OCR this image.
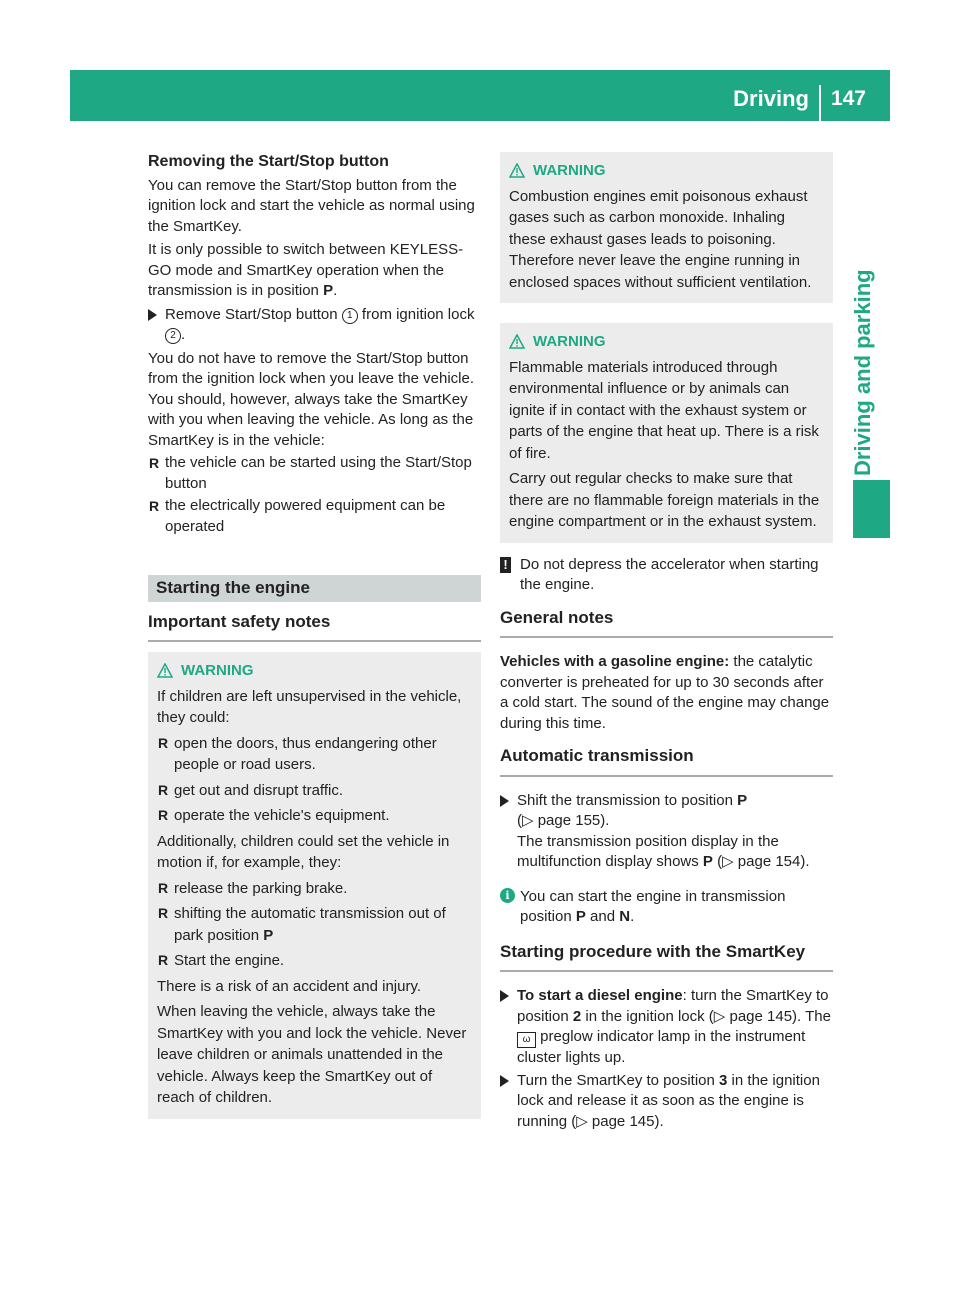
Driving	147
Driving and parking

Removing the Start/Stop button

You can remove the Start/Stop button from the ignition lock and start the vehicle as normal using the SmartKey.

It is only possible to switch between KEYLESS-GO mode and SmartKey operation when the transmission is in position P.

Remove Start/Stop button 1 from ignition lock 2 .

You do not have to remove the Start/Stop button from the ignition lock when you leave the vehicle. You should, however, always take the SmartKey with you when leaving the vehicle. As long as the SmartKey is in the vehicle:

R the vehicle can be started using the Start/Stop button
R the electrically powered equipment can be operated
Starting the engine
Important safety notes
WARNING

If children are left unsupervised in the vehicle, they could:

R open the doors, thus endangering other people or road users.
R get out and disrupt traffic.
R operate the vehicle's equipment.

Additionally, children could set the vehicle in motion if, for example, they:

R release the parking brake.
R shifting the automatic transmission out of park position P
R Start the engine.

There is a risk of an accident and injury.

When leaving the vehicle, always take the SmartKey with you and lock the vehicle. Never leave children or animals unattended in the vehicle. Always keep the SmartKey out of reach of children.

WARNING

Combustion engines emit poisonous exhaust gases such as carbon monoxide. Inhaling these exhaust gases leads to poisoning. Therefore never leave the engine running in enclosed spaces without sufficient ventilation.

WARNING

Flammable materials introduced through environmental influence or by animals can ignite if in contact with the exhaust system or parts of the engine that heat up. There is a risk of fire.

Carry out regular checks to make sure that there are no flammable foreign materials in the engine compartment or in the exhaust system.

! Do not depress the accelerator when starting the engine.
General notes

Vehicles with a gasoline engine: the catalytic converter is preheated for up to 30 seconds after a cold start. The sound of the engine may change during this time.

Automatic transmission
Shift the transmission to position P
(▷ page 155).
The transmission position display in the multifunction display shows P (▷ page 154).
i You can start the engine in transmission position P and N.
Starting procedure with the SmartKey
To start a diesel engine: turn the SmartKey to position 2 in the ignition lock (▷ page 145). The ω preglow indicator lamp in the instrument cluster lights up.
Turn the SmartKey to position 3 in the ignition lock and release it as soon as the engine is running (▷ page 145).
